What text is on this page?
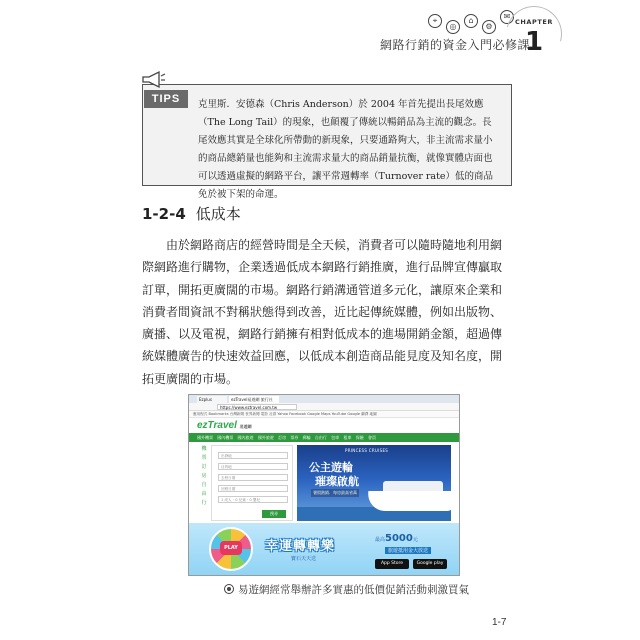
⌖
◎
⌂
⚙
✉
網路行銷的資金入門必修課
CHAPTER
1
TIPS	克里斯．安德森（Chris Anderson）於 2004 年首先提出長尾效應（The Long Tail）的現象，也顛覆了傳統以暢銷品為主流的觀念。長尾效應其實是全球化所帶動的新現象，只要通路夠大，非主流需求量小的商品總銷量也能夠和主流需求量大的商品銷量抗衡，就像實體店面也可以透過虛擬的網路平台，讓平常週轉率（Turnover rate）低的商品免於被下架的命運。
1-2-4 低成本
由於網路商店的經營時間是全天候，消費者可以隨時隨地利用網際網路進行購物，企業透過低成本網路行銷推廣，進行品牌宣傳贏取訂單，開拓更廣闊的市場。網路行銷溝通管道多元化，讓原來企業和消費者間資訊不對稱狀態得到改善，近比起傳統媒體，例如出版物、廣播、以及電視，網路行銷擁有相對低成本的進場開銷金額，超過傳統媒體廣告的快速效益回應，以低成本創造商品能見度及知名度，開拓更廣闊的市場。
Ezplus	ezTravel易遊網 旅行社
https://www.eztravel.com.tw
應用程式 Bookmarks 台灣新聞 世界新聞 電影 社群 Yahoo Facebook Google Maps YouTube Google 翻譯 地圖
ezTravel 易遊網
國外機票 國內機票 國內旅遊 國外旅遊 訂房 票券 郵輪 自由行 包車 租車 保險 會員
機
票
訂
房
自
由
行
出發地
目的地
去程日期
回程日期
1 成人・0 兒童・0 嬰兒
搜尋
PRINCESS CRUISES
公主遊輪
璀璨啟航
暑假熱銷．每房最高省萬
PLAY	幸運轉轉樂
寶石天天送
最高5000元
旅遊抵用金大放送
App Store	Google play
易遊網經常舉辦許多實惠的低價促銷活動刺激買氣
1-7
